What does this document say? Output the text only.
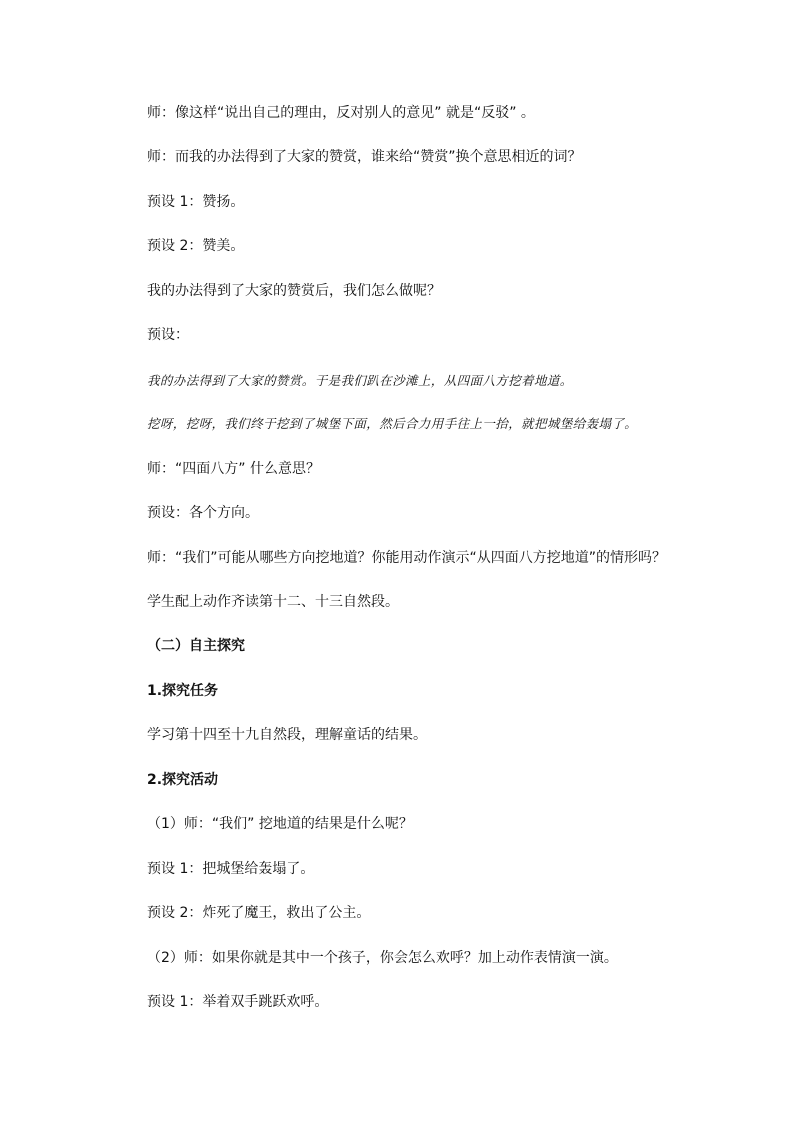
师：像这样“说出自己的理由，反对别人的意见” 就是“反驳” 。
师：而我的办法得到了大家的赞赏，谁来给“赞赏”换个意思相近的词？
预设 1：赞扬。
预设 2：赞美。
我的办法得到了大家的赞赏后，我们怎么做呢？
预设：
我的办法得到了大家的赞赏。于是我们趴在沙滩上，从四面八方挖着地道。
挖呀，挖呀，我们终于挖到了城堡下面，然后合力用手往上一抬，就把城堡给轰塌了。
师：“四面八方” 什么意思？
预设：各个方向。
师：“我们”可能从哪些方向挖地道？你能用动作演示“从四面八方挖地道”的情形吗？
学生配上动作齐读第十二、十三自然段。
（二）自主探究
1.探究任务
学习第十四至十九自然段，理解童话的结果。
2.探究活动
（1）师：“我们” 挖地道的结果是什么呢？
预设 1：把城堡给轰塌了。
预设 2：炸死了魔王，救出了公主。
（2）师：如果你就是其中一个孩子，你会怎么欢呼？加上动作表情演一演。
预设 1：举着双手跳跃欢呼。
